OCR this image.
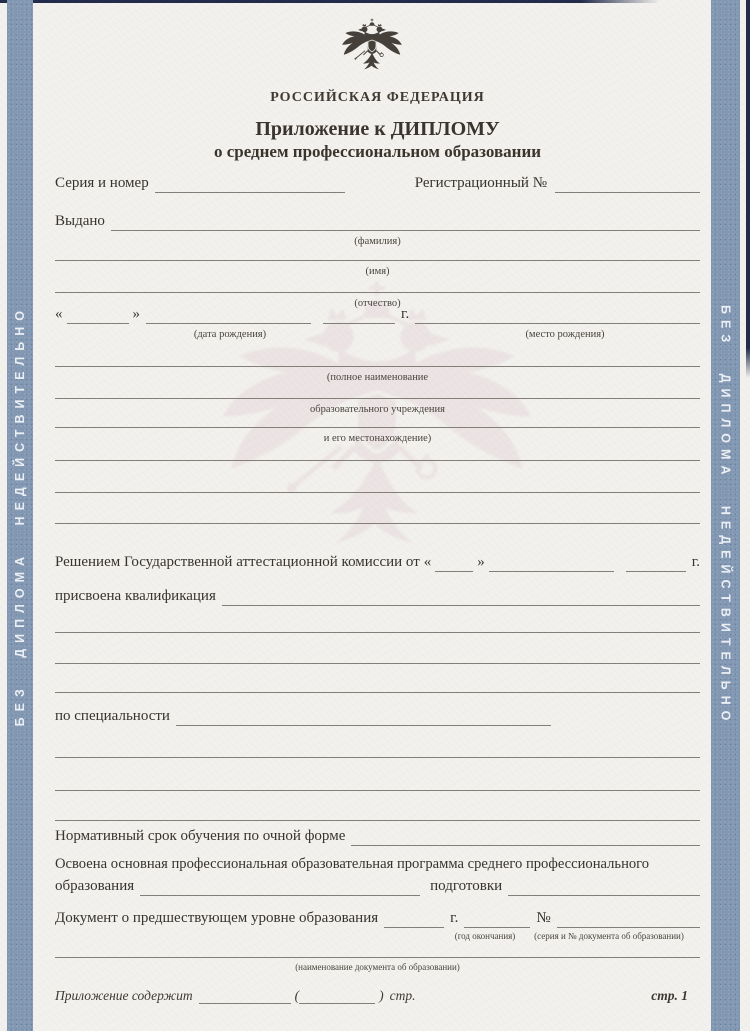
БЕЗ ДИПЛОМА НЕДЕЙСТВИТЕЛЬНО	БЕЗ ДИПЛОМА НЕДЕЙСТВИТЕЛЬНО
РОССИЙСКАЯ ФЕДЕРАЦИЯ
Приложение к ДИПЛОМУ
о среднем профессиональном образовании
Серия и номер	Регистрационный №
Выдано
(фамилия)
(имя)
(отчество)
«	»	г.
(дата рождения)	(место рождения)
(полное наименование
образовательного учреждения
и его местонахождение)
Решением Государственной аттестационной комиссии от «	»	г.
присвоена квалификация
по специальности
Нормативный срок обучения по очной форме
Освоена основная профессиональная образовательная программа среднего профессионального
образования	подготовки
Документ о предшествующем уровне образования	г.	№
(год окончания)	(серия и № документа об образовании)
(наименование документа об образовании)
Приложение содержит	(	) стр.	стр. 1
